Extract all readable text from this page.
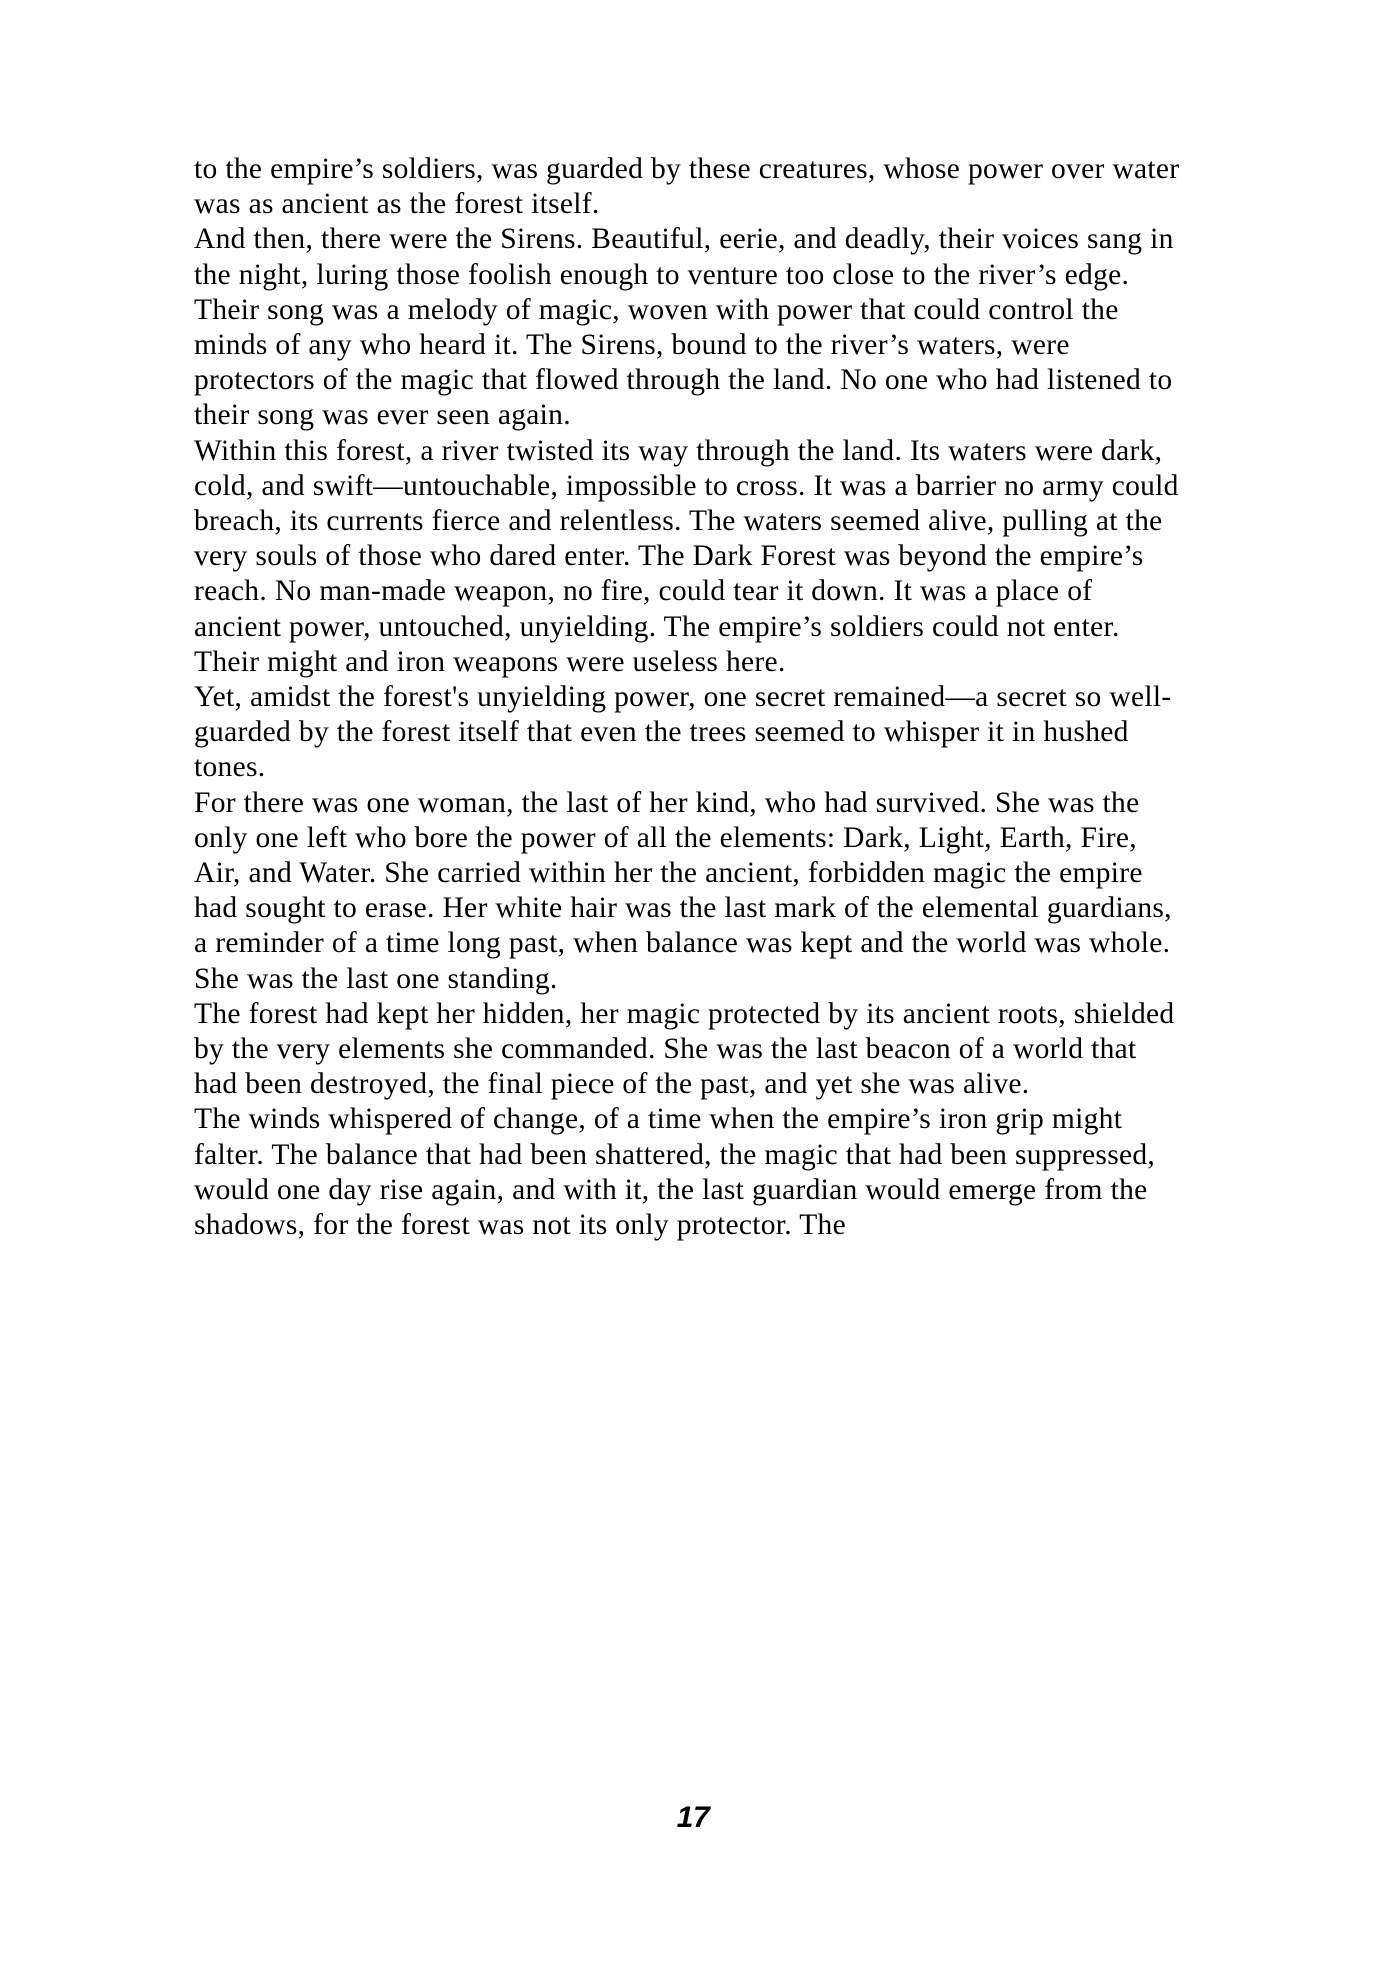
to the empire’s soldiers, was guarded by these creatures, whose power over water was as ancient as the forest itself.

And then, there were the Sirens. Beautiful, eerie, and deadly, their voices sang in the night, luring those foolish enough to venture too close to the river’s edge. Their song was a melody of magic, woven with power that could control the minds of any who heard it. The Sirens, bound to the river’s waters, were protectors of the magic that flowed through the land. No one who had listened to their song was ever seen again.

Within this forest, a river twisted its way through the land. Its waters were dark, cold, and swift—untouchable, impossible to cross. It was a barrier no army could breach, its currents fierce and relentless. The waters seemed alive, pulling at the very souls of those who dared enter. The Dark Forest was beyond the empire’s reach. No man-made weapon, no fire, could tear it down. It was a place of ancient power, untouched, unyielding. The empire’s soldiers could not enter. Their might and iron weapons were useless here.

Yet, amidst the forest's unyielding power, one secret remained—a secret so well-guarded by the forest itself that even the trees seemed to whisper it in hushed tones.

For there was one woman, the last of her kind, who had survived. She was the only one left who bore the power of all the elements: Dark, Light, Earth, Fire, Air, and Water. She carried within her the ancient, forbidden magic the empire had sought to erase. Her white hair was the last mark of the elemental guardians, a reminder of a time long past, when balance was kept and the world was whole.

She was the last one standing.

The forest had kept her hidden, her magic protected by its ancient roots, shielded by the very elements she commanded. She was the last beacon of a world that had been destroyed, the final piece of the past, and yet she was alive.

The winds whispered of change, of a time when the empire’s iron grip might falter. The balance that had been shattered, the magic that had been suppressed, would one day rise again, and with it, the last guardian would emerge from the shadows, for the forest was not its only protector. The

17
